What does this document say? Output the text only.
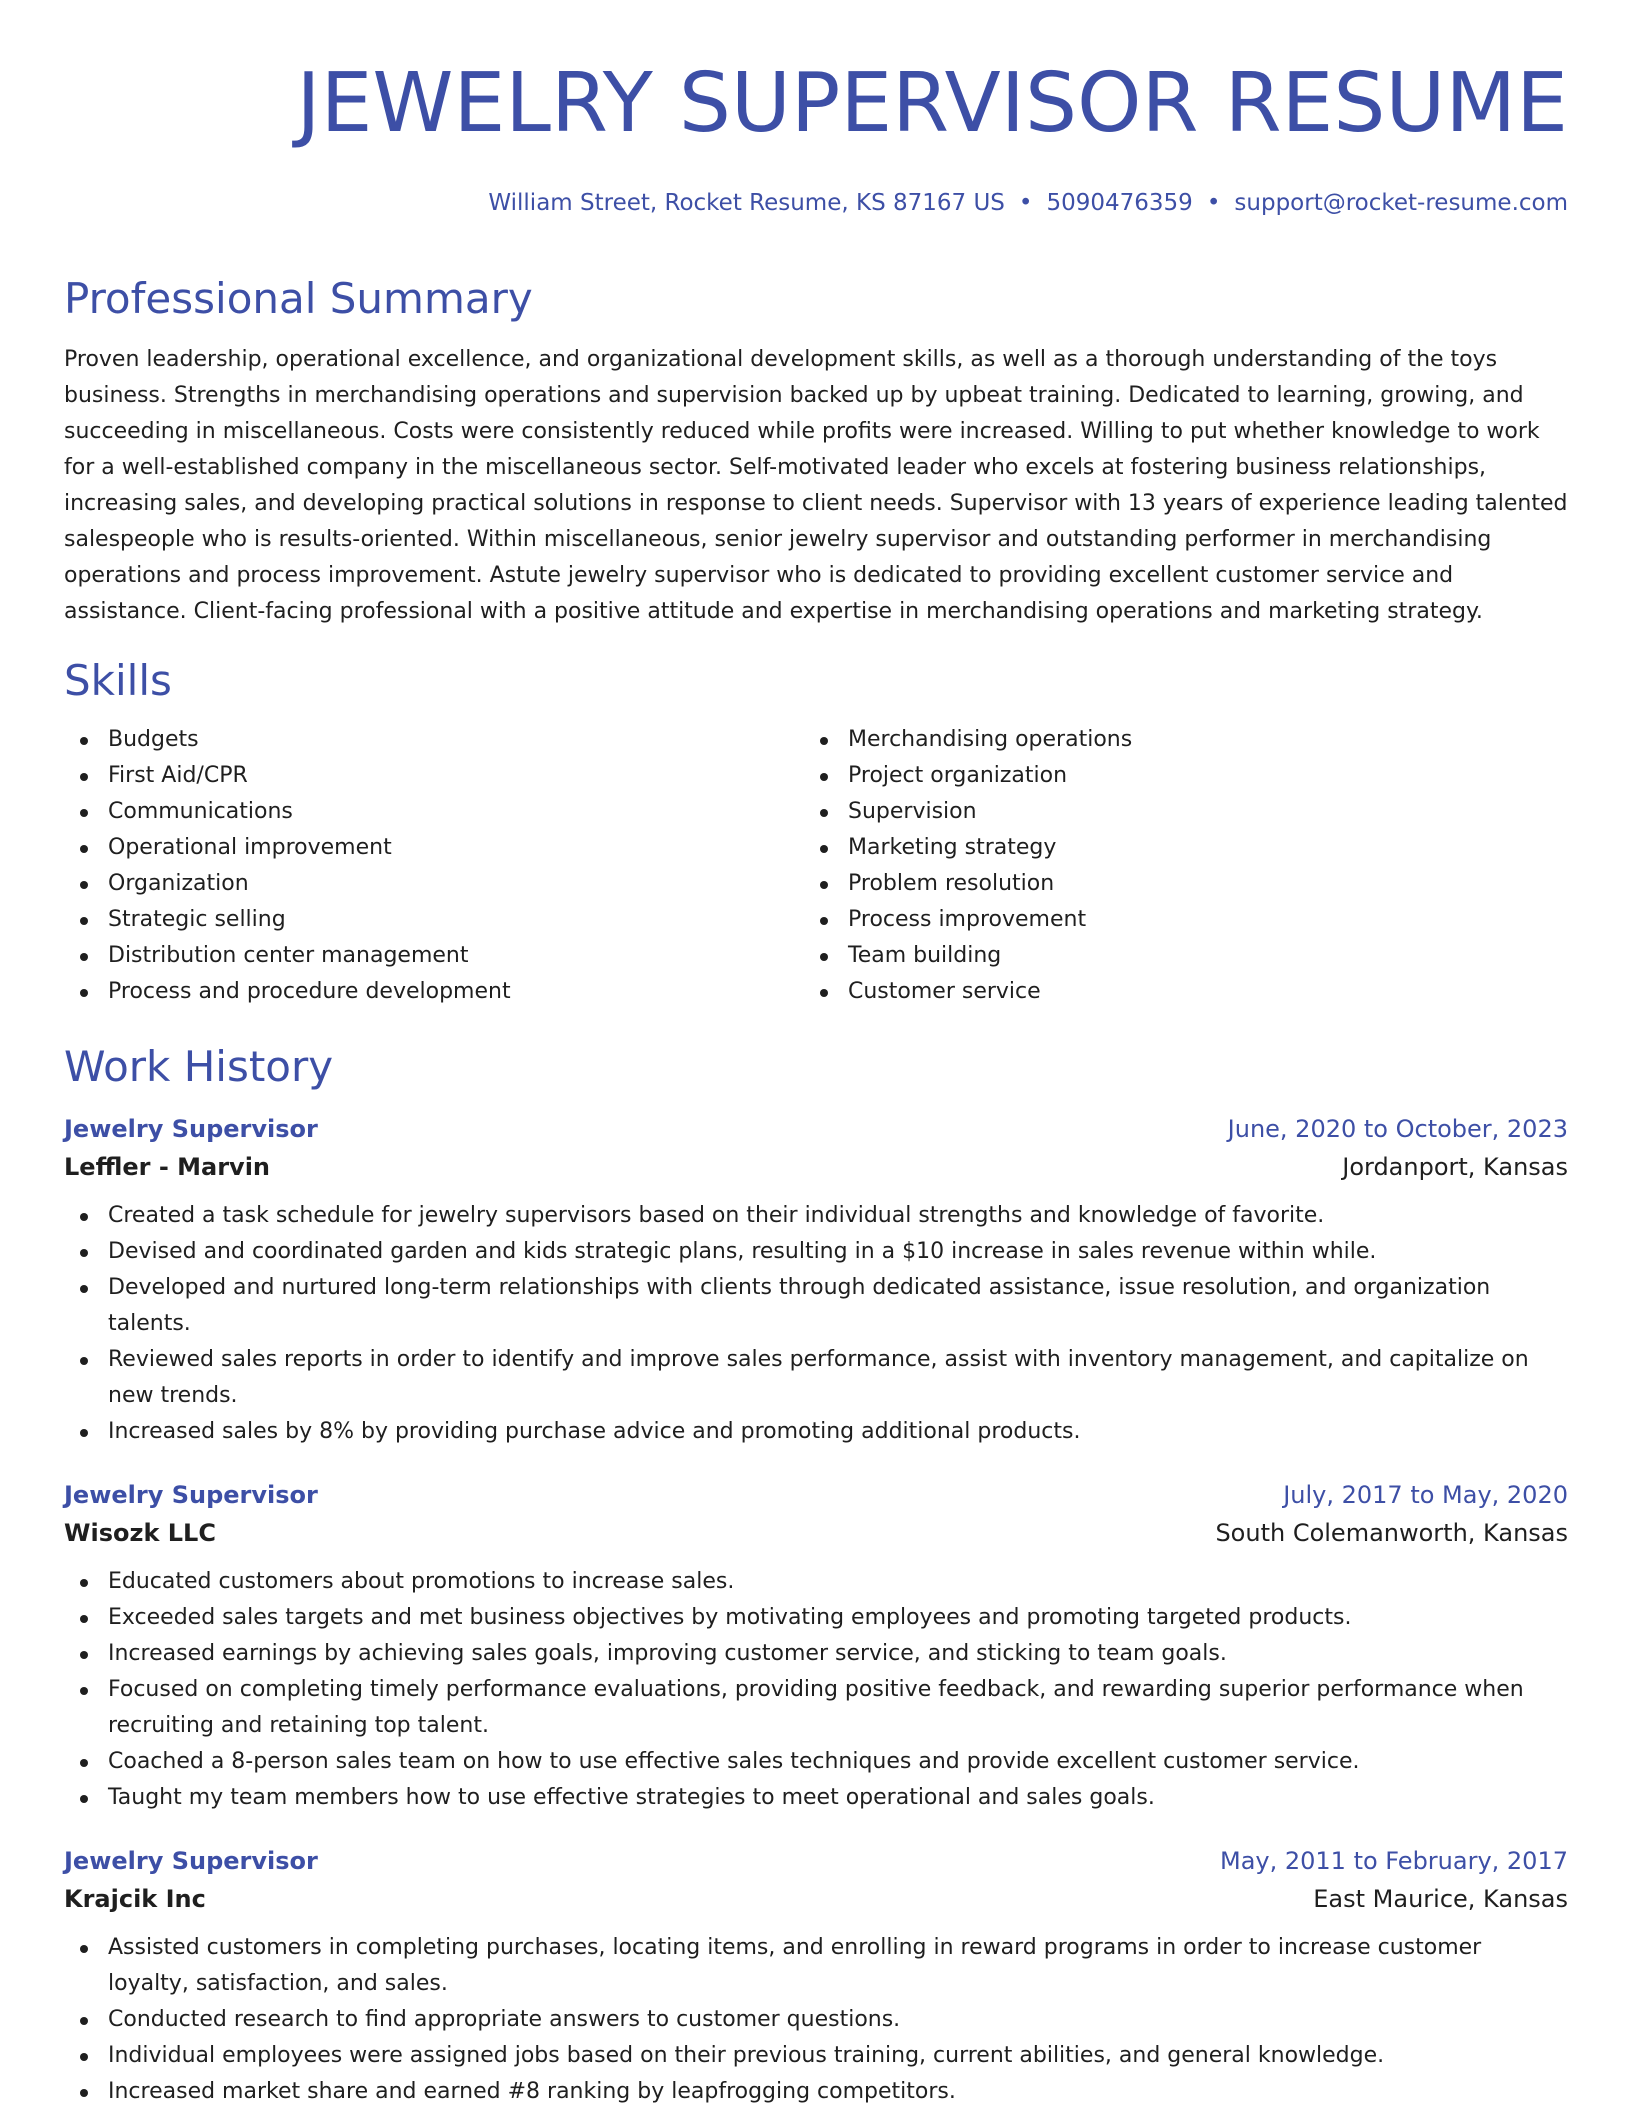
JEWELRY SUPERVISOR RESUME
William Street, Rocket Resume, KS 87167 US • 5090476359 • support@rocket-resume.com
Professional Summary

Proven leadership, operational excellence, and organizational development skills, as well as a thorough understanding of the toys business. Strengths in merchandising operations and supervision backed up by upbeat training. Dedicated to learning, growing, and succeeding in miscellaneous. Costs were consistently reduced while profits were increased. Willing to put whether knowledge to work for a well-established company in the miscellaneous sector. Self-motivated leader who excels at fostering business relationships, increasing sales, and developing practical solutions in response to client needs. Supervisor with 13 years of experience leading talented salespeople who is results-oriented. Within miscellaneous, senior jewelry supervisor and outstanding performer in merchandising operations and process improvement. Astute jewelry supervisor who is dedicated to providing excellent customer service and assistance. Client-facing professional with a positive attitude and expertise in merchandising operations and marketing strategy.

Skills
Budgets
First Aid/CPR
Communications
Operational improvement
Organization
Strategic selling
Distribution center management
Process and procedure development
Merchandising operations
Project organization
Supervision
Marketing strategy
Problem resolution
Process improvement
Team building
Customer service
Work History
Jewelry Supervisor	June, 2020 to October, 2023
Leffler - Marvin	Jordanport, Kansas
Created a task schedule for jewelry supervisors based on their individual strengths and knowledge of favorite.
Devised and coordinated garden and kids strategic plans, resulting in a $10 increase in sales revenue within while.
Developed and nurtured long-term relationships with clients through dedicated assistance, issue resolution, and organization talents.
Reviewed sales reports in order to identify and improve sales performance, assist with inventory management, and capitalize on new trends.
Increased sales by 8% by providing purchase advice and promoting additional products.
Jewelry Supervisor	July, 2017 to May, 2020
Wisozk LLC	South Colemanworth, Kansas
Educated customers about promotions to increase sales.
Exceeded sales targets and met business objectives by motivating employees and promoting targeted products.
Increased earnings by achieving sales goals, improving customer service, and sticking to team goals.
Focused on completing timely performance evaluations, providing positive feedback, and rewarding superior performance when recruiting and retaining top talent.
Coached a 8-person sales team on how to use effective sales techniques and provide excellent customer service.
Taught my team members how to use effective strategies to meet operational and sales goals.
Jewelry Supervisor	May, 2011 to February, 2017
Krajcik Inc	East Maurice, Kansas
Assisted customers in completing purchases, locating items, and enrolling in reward programs in order to increase customer loyalty, satisfaction, and sales.
Conducted research to find appropriate answers to customer questions.
Individual employees were assigned jobs based on their previous training, current abilities, and general knowledge.
Increased market share and earned #8 ranking by leapfrogging competitors.
